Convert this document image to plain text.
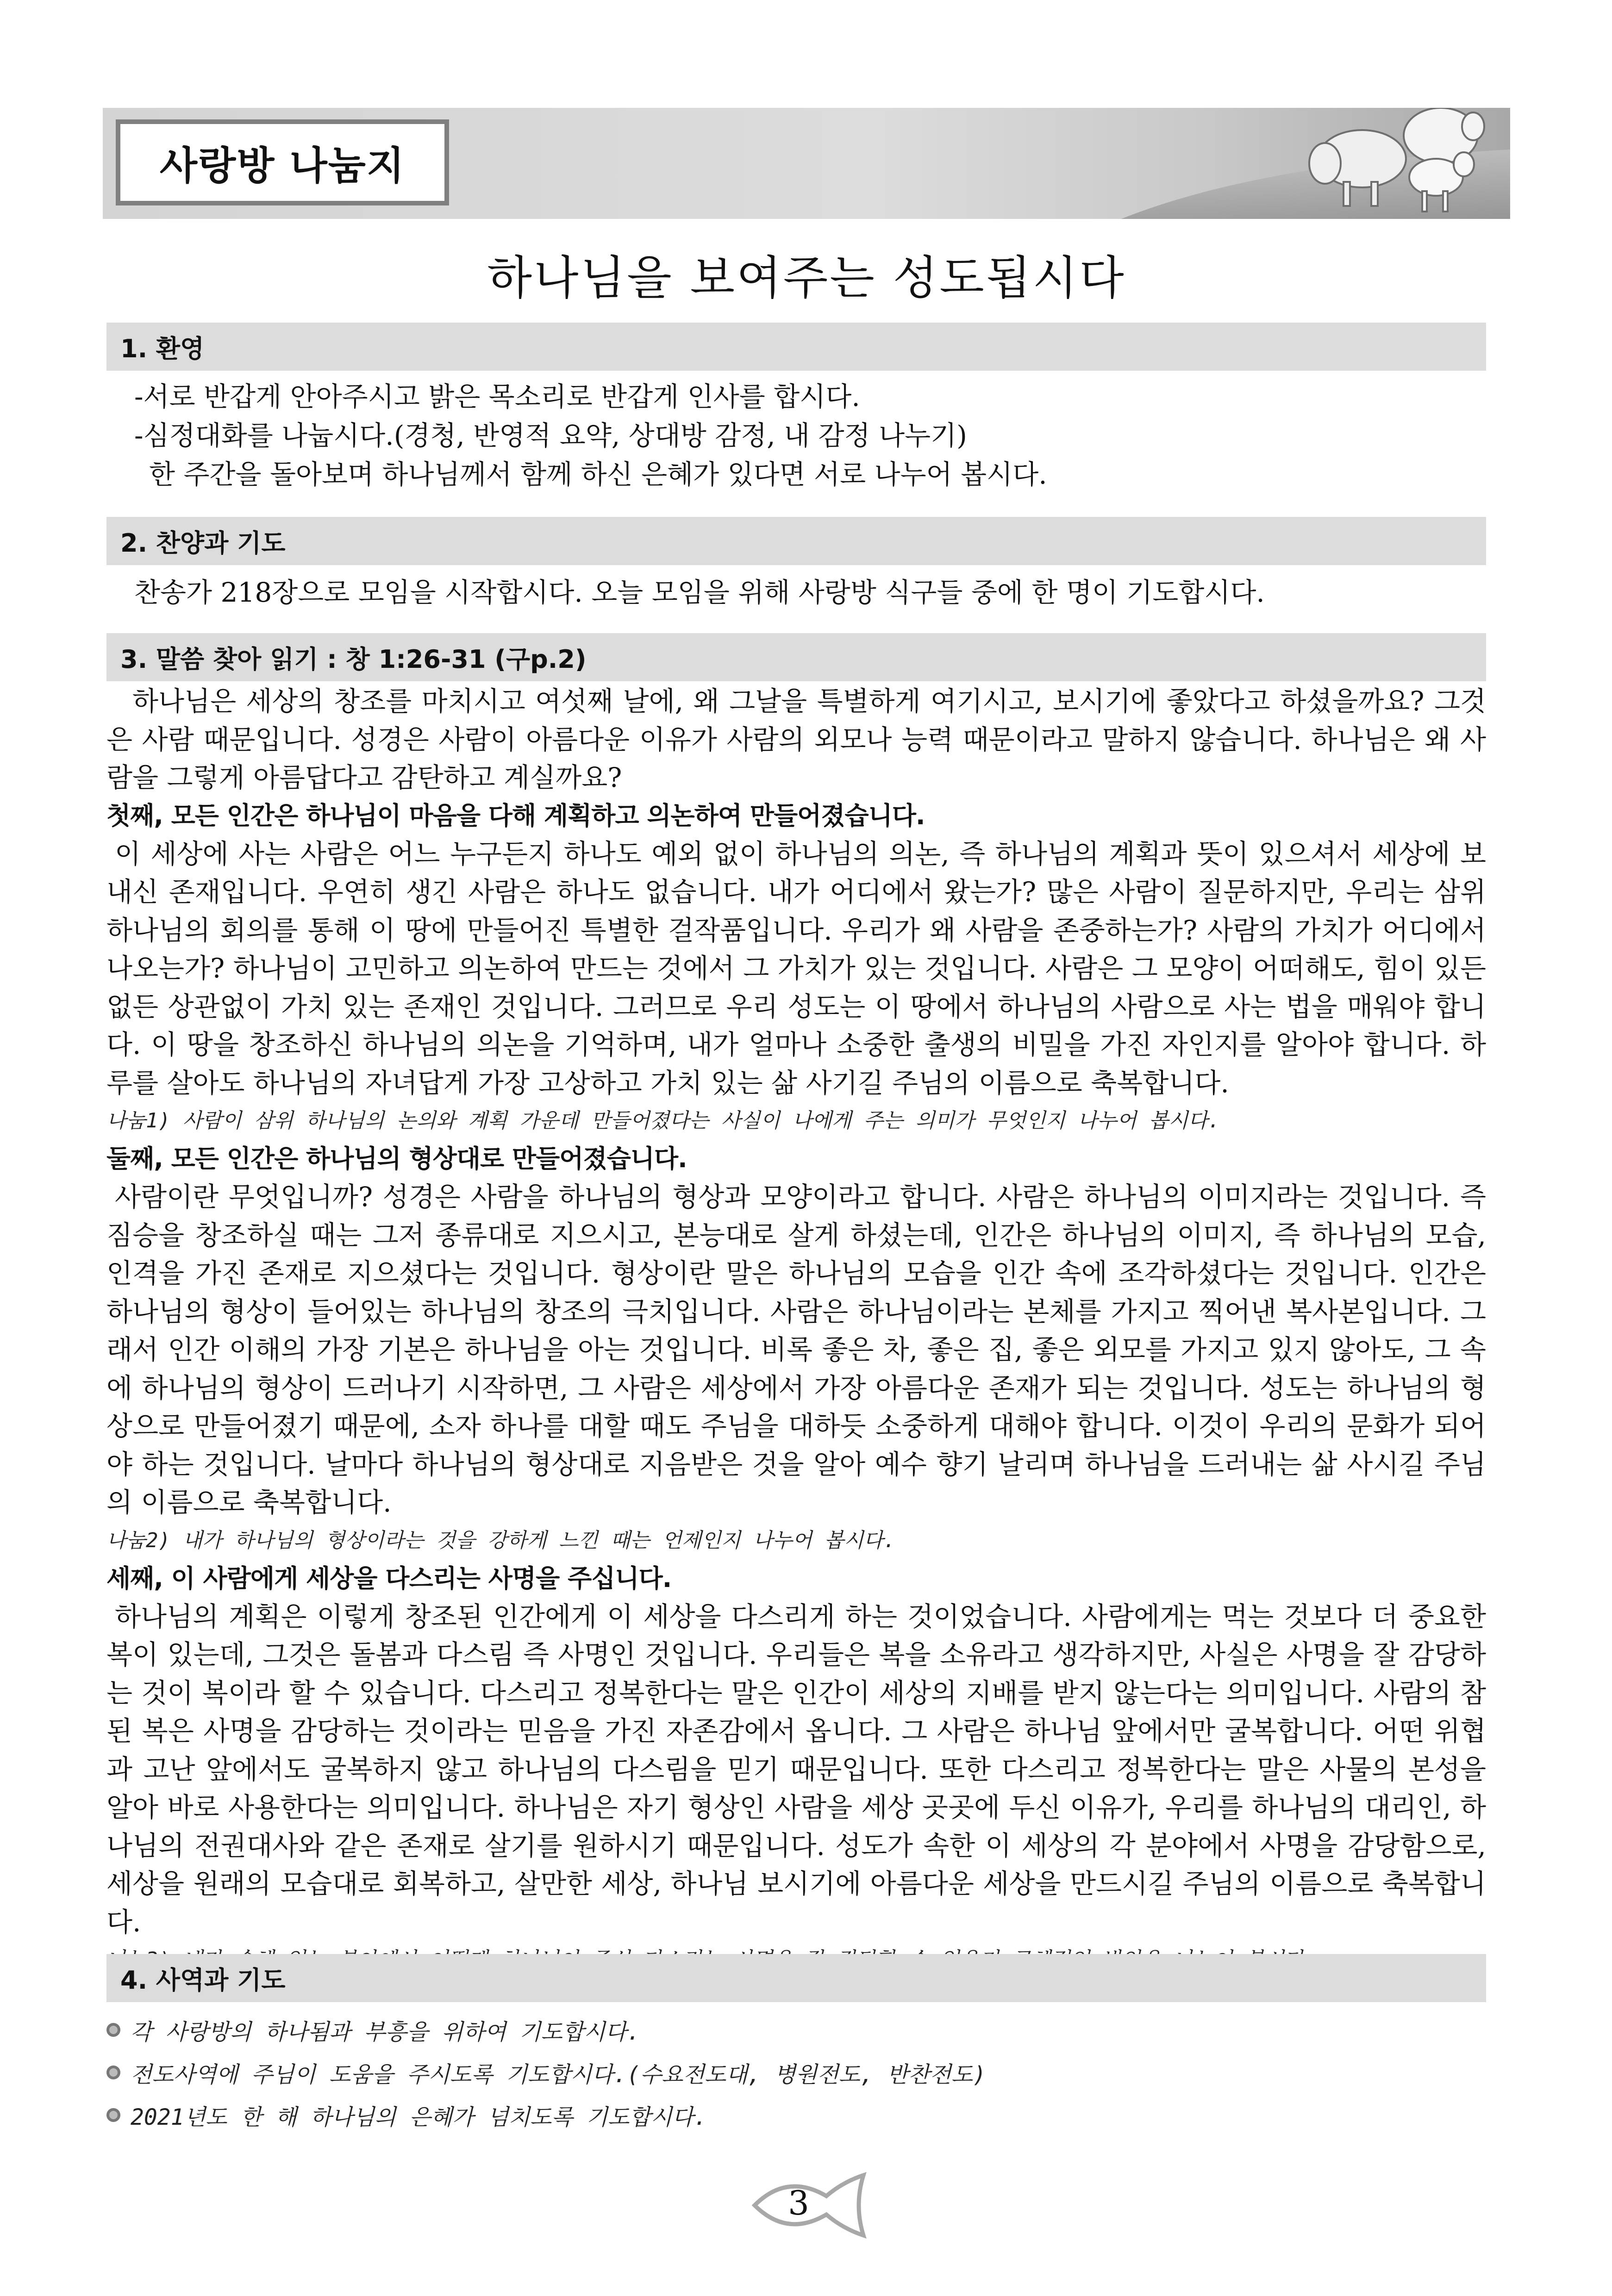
사랑방 나눔지
하나님을 보여주는 성도됩시다
1. 환영
-서로 반갑게 안아주시고 밝은 목소리로 반갑게 인사를 합시다.
-심정대화를 나눕시다.(경청, 반영적 요약, 상대방 감정, 내 감정 나누기)
한 주간을 돌아보며 하나님께서 함께 하신 은혜가 있다면 서로 나누어 봅시다.
2. 찬양과 기도
찬송가 218장으로 모임을 시작합시다. 오늘 모임을 위해 사랑방 식구들 중에 한 명이 기도합시다.
3. 말씀 찾아 읽기 : 창 1:26-31 (구p.2)
하나님은 세상의 창조를 마치시고 여섯째 날에, 왜 그날을 특별하게 여기시고, 보시기에 좋았다고 하셨을까요? 그것은 사람 때문입니다. 성경은 사람이 아름다운 이유가 사람의 외모나 능력 때문이라고 말하지 않습니다. 하나님은 왜 사람을 그렇게 아름답다고 감탄하고 계실까요?
첫째, 모든 인간은 하나님이 마음을 다해 계획하고 의논하여 만들어졌습니다.
이 세상에 사는 사람은 어느 누구든지 하나도 예외 없이 하나님의 의논, 즉 하나님의 계획과 뜻이 있으셔서 세상에 보내신 존재입니다. 우연히 생긴 사람은 하나도 없습니다. 내가 어디에서 왔는가? 많은 사람이 질문하지만, 우리는 삼위 하나님의 회의를 통해 이 땅에 만들어진 특별한 걸작품입니다. 우리가 왜 사람을 존중하는가? 사람의 가치가 어디에서 나오는가? 하나님이 고민하고 의논하여 만드는 것에서 그 가치가 있는 것입니다. 사람은 그 모양이 어떠해도, 힘이 있든 없든 상관없이 가치 있는 존재인 것입니다. 그러므로 우리 성도는 이 땅에서 하나님의 사람으로 사는 법을 매워야 합니다. 이 땅을 창조하신 하나님의 의논을 기억하며, 내가 얼마나 소중한 출생의 비밀을 가진 자인지를 알아야 합니다. 하루를 살아도 하나님의 자녀답게 가장 고상하고 가치 있는 삶 사기길 주님의 이름으로 축복합니다.
나눔1) 사람이 삼위 하나님의 논의와 계획 가운데 만들어졌다는 사실이 나에게 주는 의미가 무엇인지 나누어 봅시다.
둘째, 모든 인간은 하나님의 형상대로 만들어졌습니다.
사람이란 무엇입니까? 성경은 사람을 하나님의 형상과 모양이라고 합니다. 사람은 하나님의 이미지라는 것입니다. 즉 짐승을 창조하실 때는 그저 종류대로 지으시고, 본능대로 살게 하셨는데, 인간은 하나님의 이미지, 즉 하나님의 모습, 인격을 가진 존재로 지으셨다는 것입니다. 형상이란 말은 하나님의 모습을 인간 속에 조각하셨다는 것입니다. 인간은 하나님의 형상이 들어있는 하나님의 창조의 극치입니다. 사람은 하나님이라는 본체를 가지고 찍어낸 복사본입니다. 그래서 인간 이해의 가장 기본은 하나님을 아는 것입니다. 비록 좋은 차, 좋은 집, 좋은 외모를 가지고 있지 않아도, 그 속에 하나님의 형상이 드러나기 시작하면, 그 사람은 세상에서 가장 아름다운 존재가 되는 것입니다. 성도는 하나님의 형상으로 만들어졌기 때문에, 소자 하나를 대할 때도 주님을 대하듯 소중하게 대해야 합니다. 이것이 우리의 문화가 되어야 하는 것입니다. 날마다 하나님의 형상대로 지음받은 것을 알아 예수 향기 날리며 하나님을 드러내는 삶 사시길 주님의 이름으로 축복합니다.
나눔2) 내가 하나님의 형상이라는 것을 강하게 느낀 때는 언제인지 나누어 봅시다.
세째, 이 사람에게 세상을 다스리는 사명을 주십니다.
하나님의 계획은 이렇게 창조된 인간에게 이 세상을 다스리게 하는 것이었습니다. 사람에게는 먹는 것보다 더 중요한 복이 있는데, 그것은 돌봄과 다스림 즉 사명인 것입니다. 우리들은 복을 소유라고 생각하지만, 사실은 사명을 잘 감당하는 것이 복이라 할 수 있습니다. 다스리고 정복한다는 말은 인간이 세상의 지배를 받지 않는다는 의미입니다. 사람의 참된 복은 사명을 감당하는 것이라는 믿음을 가진 자존감에서 옵니다. 그 사람은 하나님 앞에서만 굴복합니다. 어떤 위협과 고난 앞에서도 굴복하지 않고 하나님의 다스림을 믿기 때문입니다. 또한 다스리고 정복한다는 말은 사물의 본성을 알아 바로 사용한다는 의미입니다. 하나님은 자기 형상인 사람을 세상 곳곳에 두신 이유가, 우리를 하나님의 대리인, 하나님의 전권대사와 같은 존재로 살기를 원하시기 때문입니다. 성도가 속한 이 세상의 각 분야에서 사명을 감당함으로, 세상을 원래의 모습대로 회복하고, 살만한 세상, 하나님 보시기에 아름다운 세상을 만드시길 주님의 이름으로 축복합니다.
4. 사역과 기도
각 사랑방의 하나됨과 부흥을 위하여 기도합시다.
전도사역에 주님이 도움을 주시도록 기도합시다.(수요전도대, 병원전도, 반찬전도)
2021년도 한 해 하나님의 은혜가 넘치도록 기도합시다.
3
